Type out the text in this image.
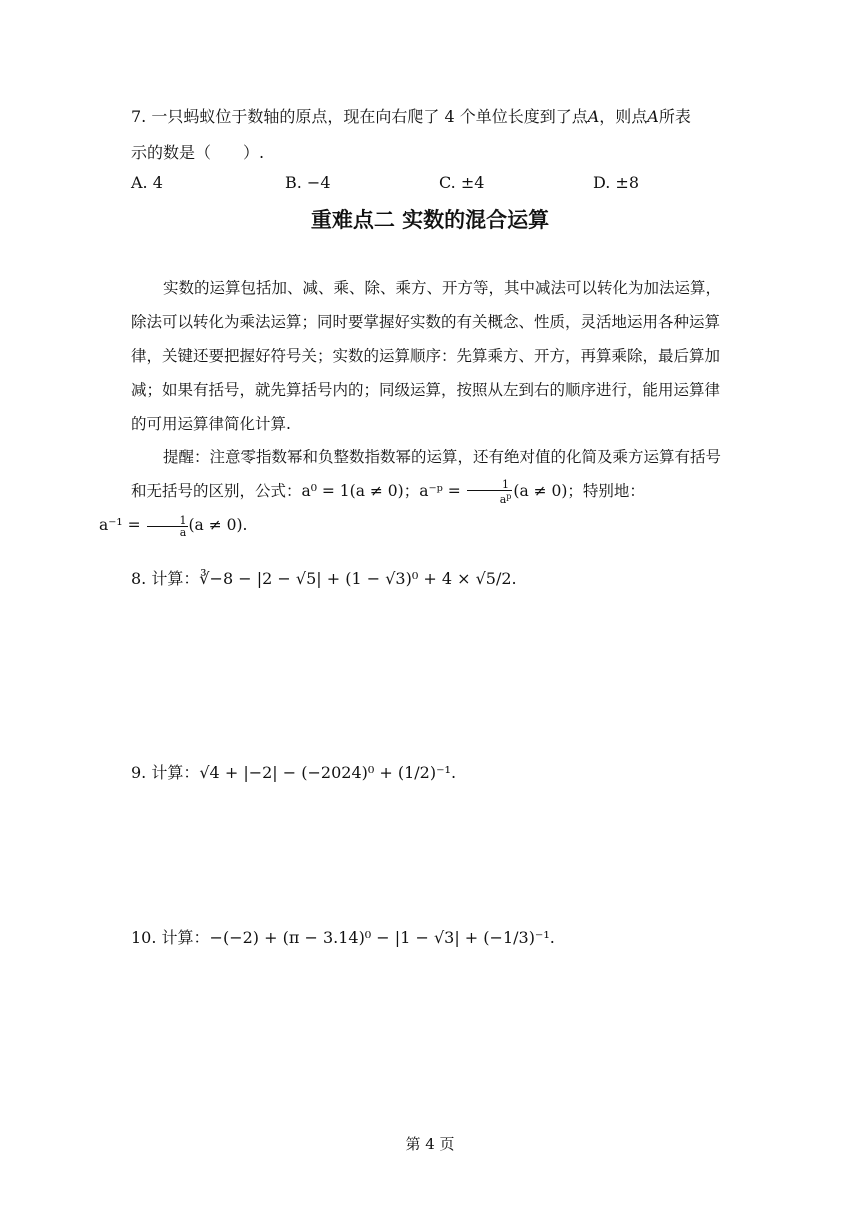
7. 一只蚂蚁位于数轴的原点，现在向右爬了 4 个单位长度到了点𝐴，则点𝐴所表
示的数是（　　）.
A. 4	B. −4	C. ±4	D. ±8
重难点二 实数的混合运算
实数的运算包括加、减、乘、除、乘方、开方等，其中减法可以转化为加法运算，除法可以转化为乘法运算；同时要掌握好实数的有关概念、性质，灵活地运用各种运算律，关键还要把握好符号关；实数的运算顺序：先算乘方、开方，再算乘除，最后算加减；如果有括号，就先算括号内的；同级运算，按照从左到右的顺序进行，能用运算律的可用运算律简化计算.
提醒：注意零指数幂和负整数指数幂的运算，还有绝对值的化简及乘方运算有括号和无括号的区别，公式：a⁰ = 1(a ≠ 0)；a⁻ᵖ = $\frac{1}{a^p} (a \ne 0)$；特别地：
$a^{-1} = \frac{1}{a} (a \ne 0)$.
8. 计算：∛−8 − |2 − √5| + (1 − √3)⁰ + 4 × √5/2.
9. 计算：√4 + |−2| − (−2024)⁰ + (1/2)⁻¹.
10. 计算：−(−2) + (π − 3.14)⁰ − |1 − √3| + (−1/3)⁻¹.
第 4 页
